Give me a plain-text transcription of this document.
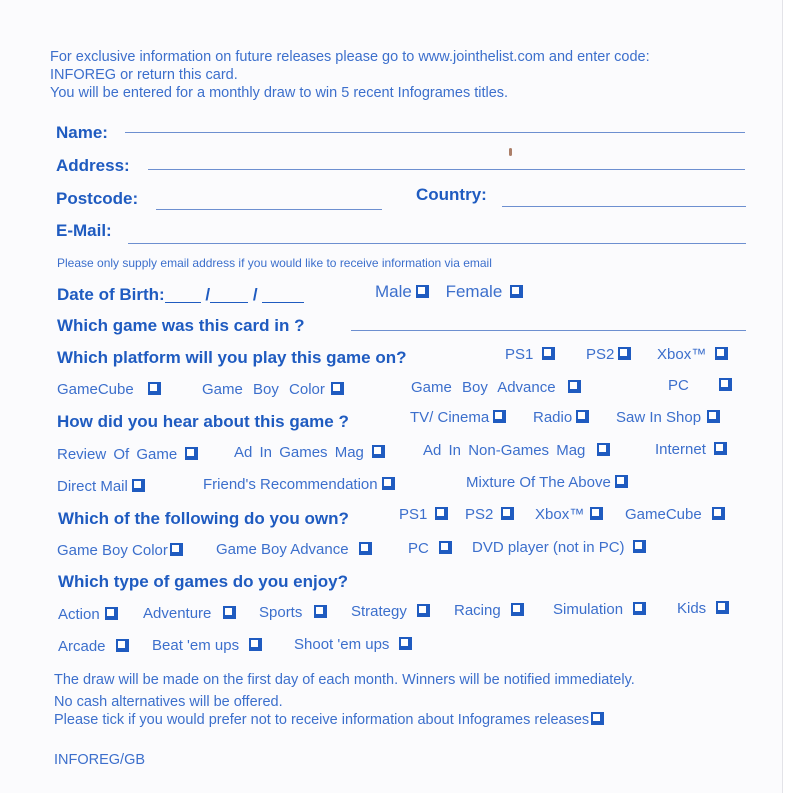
For exclusive information on future releases please go to www.jointhelist.com and enter code:
INFOREG or return this card.
You will be entered for a monthly draw to win 5 recent Infogrames titles.
Name:
Address:
Postcode:	Country:
E-Mail:
Please only supply email address if you would like to receive information via email
Date of Birth: /	/	Male Female
Which game was this card in ?
Which platform will you play this game on?	PS1	PS2	Xbox™
GameCube	Game Boy Color	Game Boy Advance	PC
How did you hear about this game ?	TV/ Cinema	Radio	Saw In Shop
Review Of Game	Ad In Games Mag	Ad In Non-Games Mag	Internet
Direct Mail	Friend's Recommendation	Mixture Of The Above
Which of the following do you own?	PS1	PS2	Xbox™	GameCube
Game Boy Color	Game Boy Advance	PC	DVD player (not in PC)
Which type of games do you enjoy?
Action	Adventure	Sports	Strategy	Racing	Simulation	Kids
Arcade	Beat 'em ups	Shoot 'em ups
The draw will be made on the first day of each month. Winners will be notified immediately.
No cash alternatives will be offered.
Please tick if you would prefer not to receive information about Infogrames releases
INFOREG/GB
